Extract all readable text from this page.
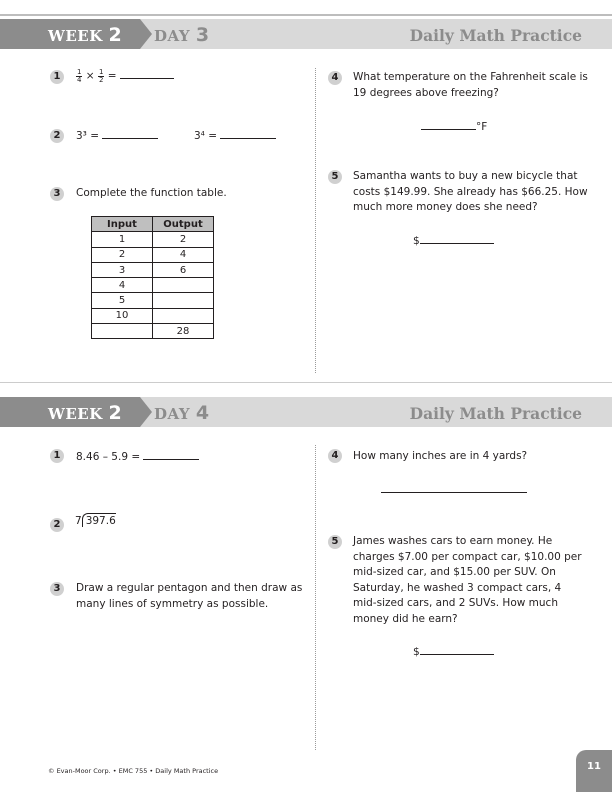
WEEK 2 DAY 3	Daily Math Practice
1	$\frac{1}{4} \times \frac{1}{2}$ =
2	3³ =	3⁴ =
3	Complete the function table.
Input	Output
1	2
2	4
3	6
4	
5	
10	
	28
4	What temperature on the Fahrenheit scale is 19 degrees above freezing?
°F
5	Samantha wants to buy a new bicycle that costs $149.99. She already has $66.25. How much more money does she need?
$
WEEK 2 DAY 4	Daily Math Practice
1	8.46 – 5.9 =
2	7 397.6
3	Draw a regular pentagon and then draw as many lines of symmetry as possible.
4	How many inches are in 4 yards?
5	James washes cars to earn money. He charges $7.00 per compact car, $10.00 per mid-sized car, and $15.00 per SUV. On Saturday, he washed 3 compact cars, 4 mid-sized cars, and 2 SUVs. How much money did he earn?
$
© Evan-Moor Corp. • EMC 755 • Daily Math Practice	11
